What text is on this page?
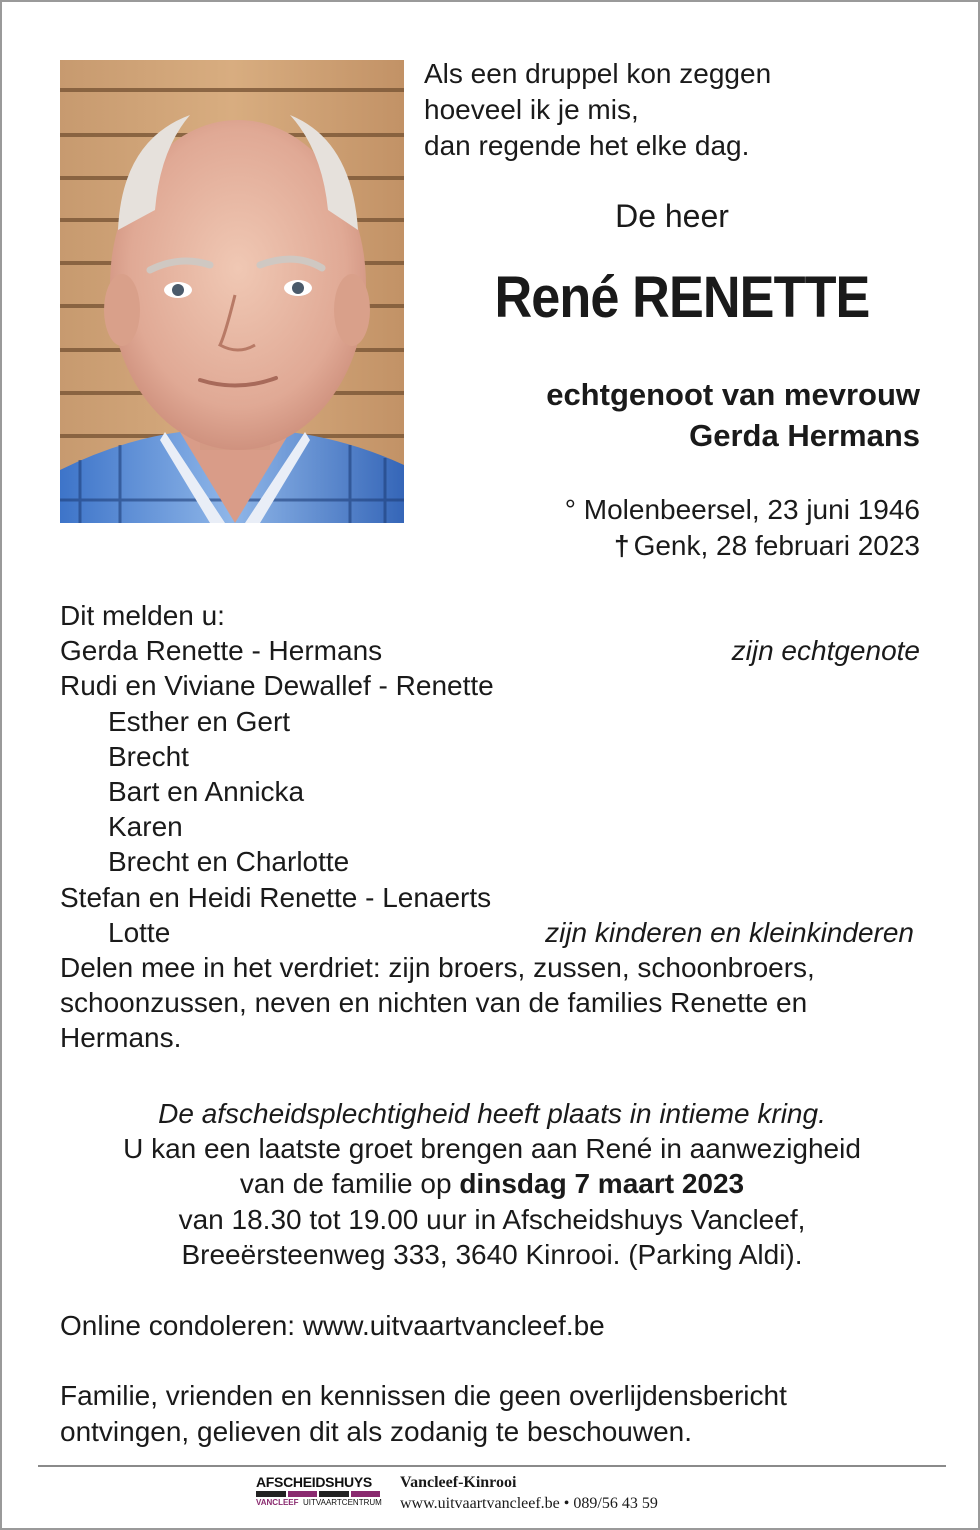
Als een druppel kon zeggen
hoeveel ik je mis,
dan regende het elke dag.
De heer
René RENETTE
echtgenoot van mevrouw
Gerda Hermans
° Molenbeersel, 23 juni 1946
† Genk, 28 februari 2023
Dit melden u:
Gerda Renette - Hermans	zijn echtgenote
Rudi en Viviane Dewallef - Renette
Esther en Gert
Brecht
Bart en Annicka
Karen
Brecht en Charlotte
Stefan en Heidi Renette - Lenaerts
Lotte	zijn kinderen en kleinkinderen
Delen mee in het verdriet: zijn broers, zussen, schoonbroers, schoonzussen, neven en nichten van de families Renette en Hermans.
De afscheidsplechtigheid heeft plaats in intieme kring.
U kan een laatste groet brengen aan René in aanwezigheid
van de familie op dinsdag 7 maart 2023
van 18.30 tot 19.00 uur in Afscheidshuys Vancleef,
Breeërsteenweg 333, 3640 Kinrooi. (Parking Aldi).
Online condoleren: www.uitvaartvancleef.be
Familie, vrienden en kennissen die geen overlijdensbericht
ontvingen, gelieven dit als zodanig te beschouwen.
AFSCHEIDSHUYS
VANCLEEF UITVAARTCENTRUM
Vancleef-Kinrooi
www.uitvaartvancleef.be • 089/56 43 59
